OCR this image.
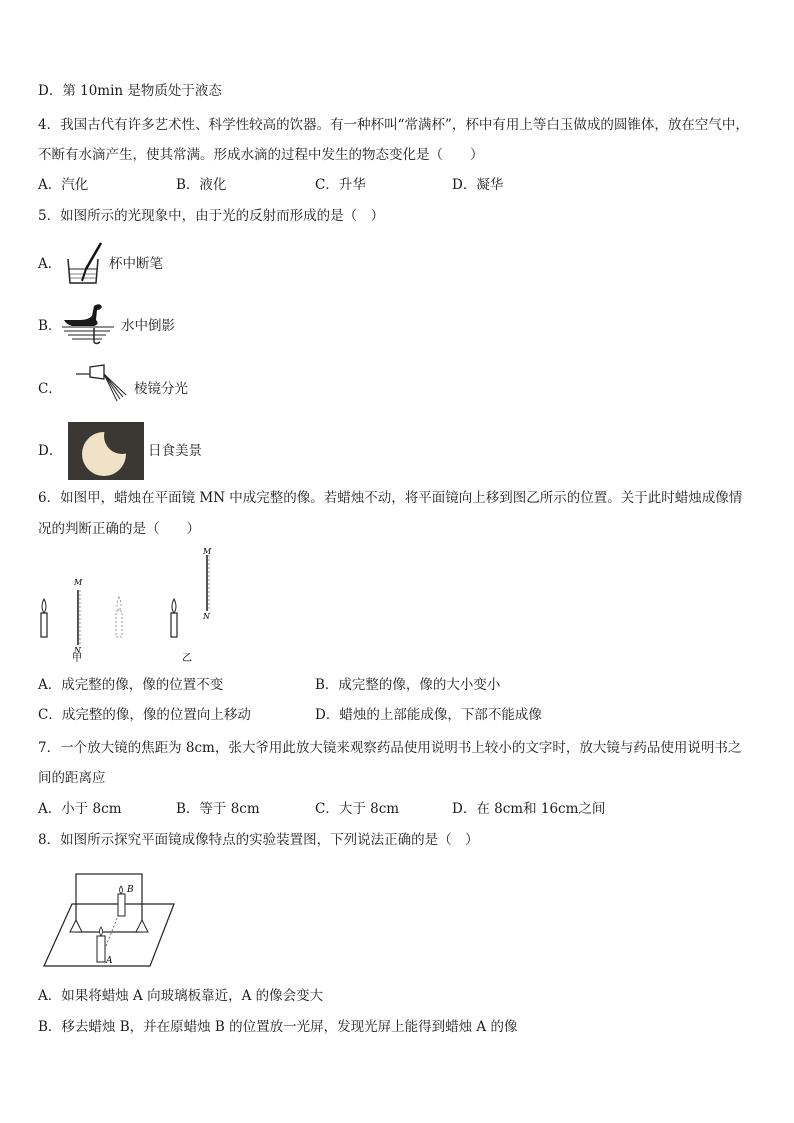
D．第 10min 是物质处于液态
4．我国古代有许多艺术性、科学性较高的饮器。有一种杯叫“常满杯”，杯中有用上等白玉做成的圆锥体，放在空气中，
不断有水滴产生，使其常满。形成水滴的过程中发生的物态变化是（　　）
A．汽化	B．液化	C．升华	D．凝华
5．如图所示的光现象中，由于光的反射而形成的是（　）
A．	杯中断笔
B．	水中倒影
C．	棱镜分光
D．	日食美景
6．如图甲，蜡烛在平面镜 MN 中成完整的像。若蜡烛不动，将平面镜向上移到图乙所示的位置。关于此时蜡烛成像情
况的判断正确的是（　　）
M
N
甲
M
N
乙
A．成完整的像，像的位置不变	B．成完整的像，像的大小变小
C．成完整的像，像的位置向上移动	D．蜡烛的上部能成像，下部不能成像
7．一个放大镜的焦距为 8cm，张大爷用此放大镜来观察药品使用说明书上较小的文字时，放大镜与药品使用说明书之
间的距离应
A．小于 8cm	B．等于 8cm	C．大于 8cm	D．在 8cm和 16cm之间
8．如图所示探究平面镜成像特点的实验装置图，下列说法正确的是（　）
B
A
A．如果将蜡烛 A 向玻璃板靠近，A 的像会变大
B．移去蜡烛 B，并在原蜡烛 B 的位置放一光屏，发现光屏上能得到蜡烛 A 的像
